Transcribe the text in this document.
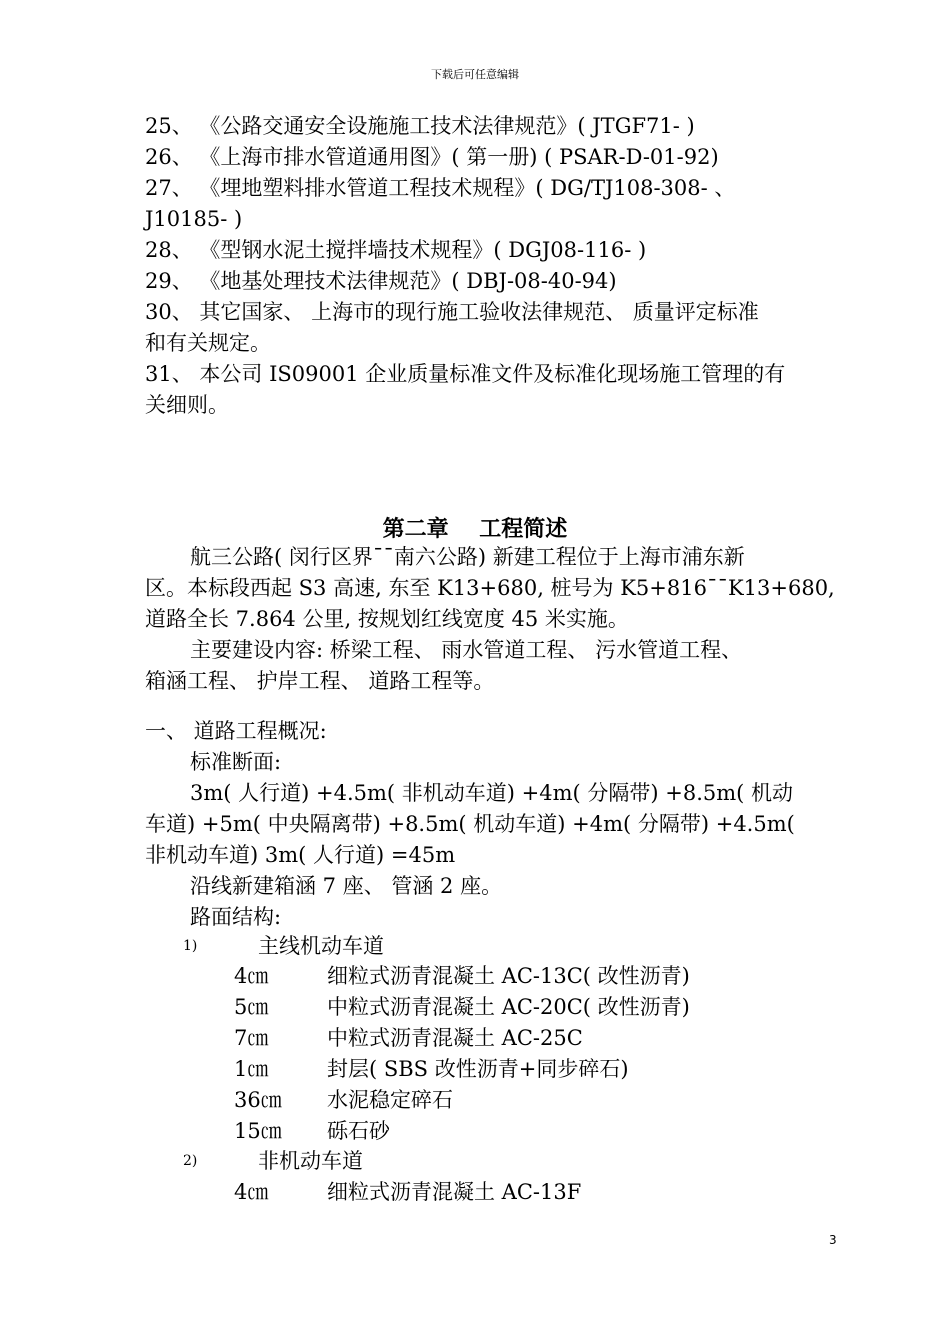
下载后可任意编辑
25、 《公路交通安全设施施工技术法律规范》( JTGF71- )
26、 《上海市排水管道通用图》( 第一册) ( PSAR-D-01-92)
27、 《埋地塑料排水管道工程技术规程》( DG/TJ108-308- 、
J10185- )
28、 《型钢水泥土搅拌墙技术规程》( DGJ08-116- )
29、 《地基处理技术法律规范》( DBJ-08-40-94)
30、 其它国家、 上海市的现行施工验收法律规范、 质量评定标准
和有关规定。
31、 本公司 IS09001 企业质量标准文件及标准化现场施工管理的有
关细则。
第二章    工程简述
航三公路( 闵行区界¯¯南六公路) 新建工程位于上海市浦东新
区。本标段西起 S3 高速, 东至 K13+680, 桩号为 K5+816¯¯K13+680,
道路全长 7.864 公里, 按规划红线宽度 45 米实施。
主要建设内容: 桥梁工程、 雨水管道工程、 污水管道工程、
箱涵工程、 护岸工程、 道路工程等。
一、 道路工程概况:
标准断面:
3m( 人行道) +4.5m( 非机动车道) +4m( 分隔带) +8.5m( 机动
车道) +5m( 中央隔离带) +8.5m( 机动车道) +4m( 分隔带) +4.5m(
非机动车道) 3m( 人行道) =45m
沿线新建箱涵 7 座、 管涵 2 座。
路面结构:
1)	主线机动车道
4㎝	细粒式沥青混凝土 AC-13C( 改性沥青)
5㎝	中粒式沥青混凝土 AC-20C( 改性沥青)
7㎝	中粒式沥青混凝土 AC-25C
1㎝	封层( SBS 改性沥青+同步碎石)
36㎝ 水泥稳定碎石
15㎝ 砾石砂
2)	非机动车道
4㎝	细粒式沥青混凝土 AC-13F
3
